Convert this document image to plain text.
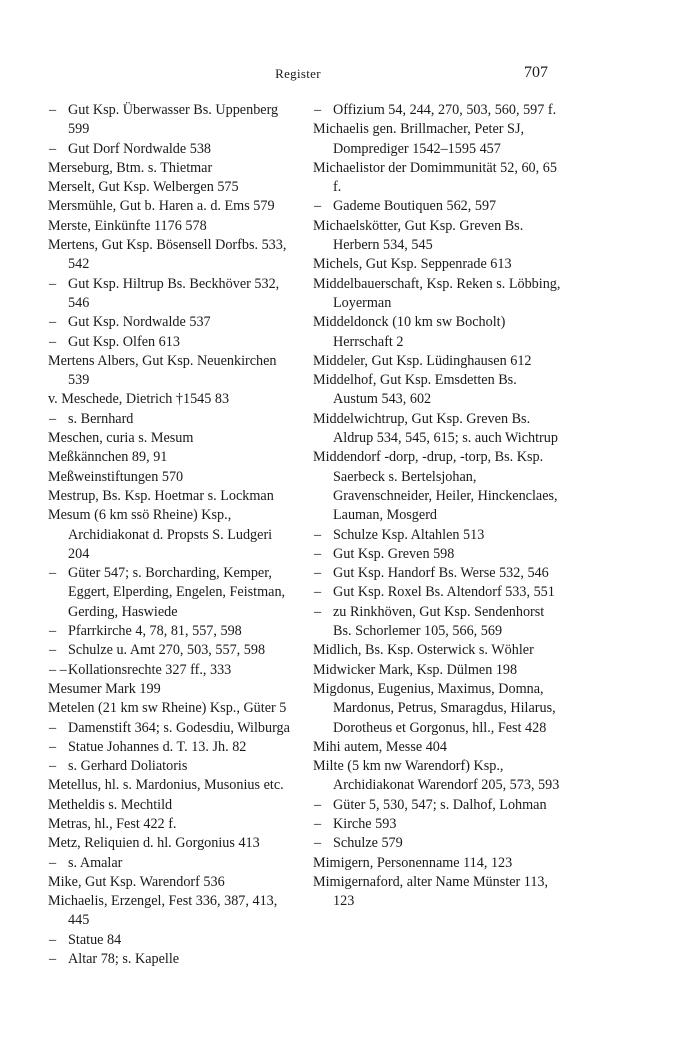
Register	707

– Gut Ksp. Überwasser Bs. Uppenberg 599

– Gut Dorf Nordwalde 538

Merseburg, Btm. s. Thietmar

Merselt, Gut Ksp. Welbergen 575

Mersmühle, Gut b. Haren a. d. Ems 579

Merste, Einkünfte 1176 578

Mertens, Gut Ksp. Bösensell Dorfbs. 533, 542

– Gut Ksp. Hiltrup Bs. Beckhöver 532, 546

– Gut Ksp. Nordwalde 537

– Gut Ksp. Olfen 613

Mertens Albers, Gut Ksp. Neuenkirchen 539

v. Meschede, Dietrich †1545 83

– s. Bernhard

Meschen, curia s. Mesum

Meßkännchen 89, 91

Meßweinstiftungen 570

Mestrup, Bs. Ksp. Hoetmar s. Lockman

Mesum (6 km ssö Rheine) Ksp., Archidiakonat d. Propsts S. Ludgeri 204

– Güter 547; s. Borcharding, Kemper, Eggert, Elperding, Engelen, Feistman, Gerding, Haswiede

– Pfarrkirche 4, 78, 81, 557, 598

– Schulze u. Amt 270, 503, 557, 598

– – Kollationsrechte 327 ff., 333

Mesumer Mark 199

Metelen (21 km sw Rheine) Ksp., Güter 5

– Damenstift 364; s. Godesdiu, Wilburga

– Statue Johannes d. T. 13. Jh. 82

– s. Gerhard Doliatoris

Metellus, hl. s. Mardonius, Musonius etc.

Metheldis s. Mechtild

Metras, hl., Fest 422 f.

Metz, Reliquien d. hl. Gorgonius 413

– s. Amalar

Mike, Gut Ksp. Warendorf 536

Michaelis, Erzengel, Fest 336, 387, 413, 445

– Statue 84

– Altar 78; s. Kapelle

– Offizium 54, 244, 270, 503, 560, 597 f.

Michaelis gen. Brillmacher, Peter SJ, Domprediger 1542–1595 457

Michaelistor der Domimmunität 52, 60, 65 f.

– Gademe Boutiquen 562, 597

Michaelskötter, Gut Ksp. Greven Bs. Herbern 534, 545

Michels, Gut Ksp. Seppenrade 613

Middelbauerschaft, Ksp. Reken s. Löbbing, Loyerman

Middeldonck (10 km sw Bocholt) Herrschaft 2

Middeler, Gut Ksp. Lüdinghausen 612

Middelhof, Gut Ksp. Emsdetten Bs. Austum 543, 602

Middelwichtrup, Gut Ksp. Greven Bs. Aldrup 534, 545, 615; s. auch Wichtrup

Middendorf -dorp, -drup, -torp, Bs. Ksp. Saerbeck s. Bertelsjohan, Gravenschneider, Heiler, Hinckenclaes, Lauman, Mosgerd

– Schulze Ksp. Altahlen 513

– Gut Ksp. Greven 598

– Gut Ksp. Handorf Bs. Werse 532, 546

– Gut Ksp. Roxel Bs. Altendorf 533, 551

– zu Rinkhöven, Gut Ksp. Sendenhorst Bs. Schorlemer 105, 566, 569

Midlich, Bs. Ksp. Osterwick s. Wöhler

Midwicker Mark, Ksp. Dülmen 198

Migdonus, Eugenius, Maximus, Domna, Mardonus, Petrus, Smaragdus, Hilarus, Dorotheus et Gorgonus, hll., Fest 428

Mihi autem, Messe 404

Milte (5 km nw Warendorf) Ksp., Archidiakonat Warendorf 205, 573, 593

– Güter 5, 530, 547; s. Dalhof, Lohman

– Kirche 593

– Schulze 579

Mimigern, Personenname 114, 123

Mimigernaford, alter Name Münster 113, 123
